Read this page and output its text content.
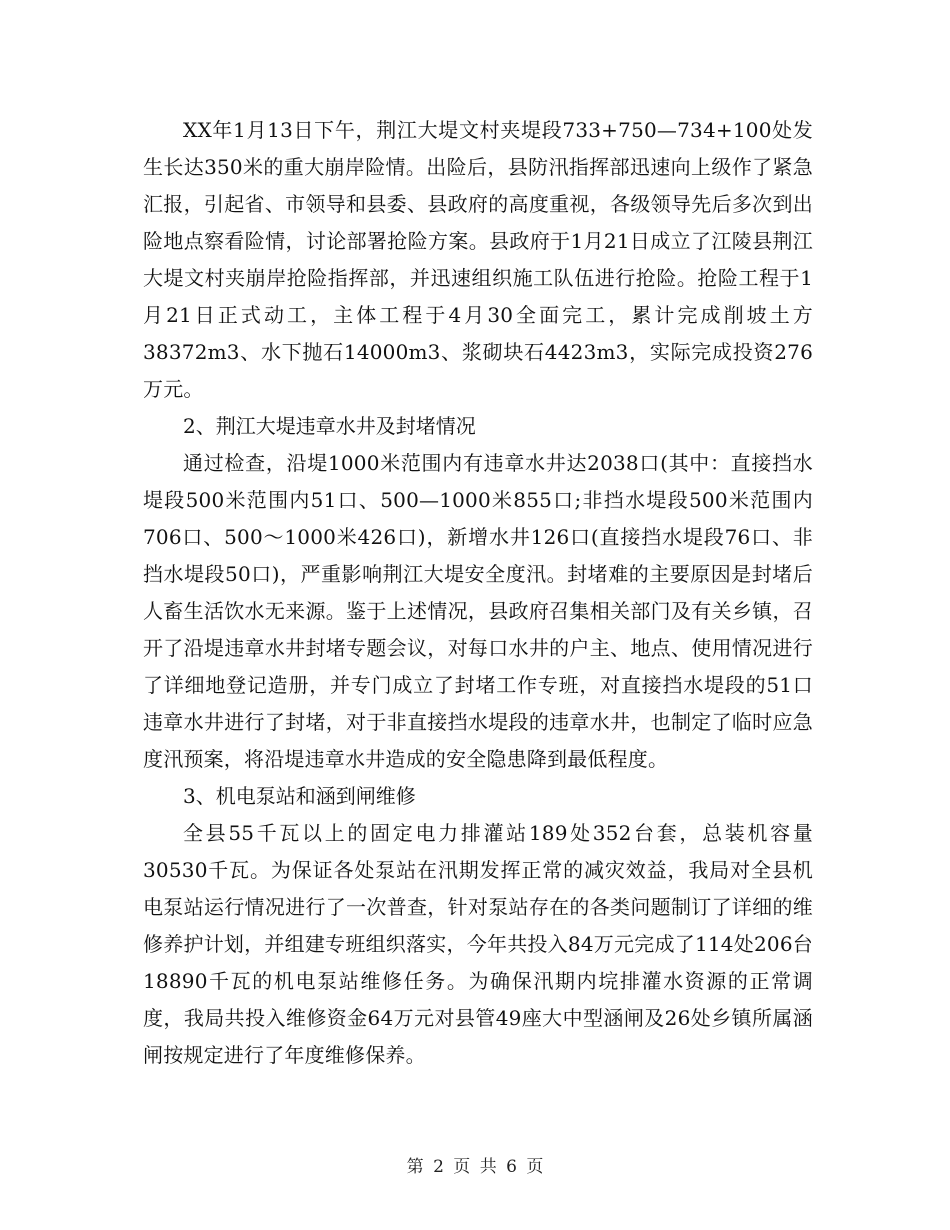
XX年1月13日下午，荆江大堤文村夹堤段733+750—734+100处发生长达350米的重大崩岸险情。出险后，县防汛指挥部迅速向上级作了紧急汇报，引起省、市领导和县委、县政府的高度重视，各级领导先后多次到出险地点察看险情，讨论部署抢险方案。县政府于1月21日成立了江陵县荆江大堤文村夹崩岸抢险指挥部，并迅速组织施工队伍进行抢险。抢险工程于1月21日正式动工，主体工程于4月30全面完工，累计完成削坡土方38372m3、水下抛石14000m3、浆砌块石4423m3，实际完成投资276万元。

2、荆江大堤违章水井及封堵情况

通过检查，沿堤1000米范围内有违章水井达2038口(其中：直接挡水堤段500米范围内51口、500—1000米855口;非挡水堤段500米范围内706口、500～1000米426口)，新增水井126口(直接挡水堤段76口、非挡水堤段50口)，严重影响荆江大堤安全度汛。封堵难的主要原因是封堵后人畜生活饮水无来源。鉴于上述情况，县政府召集相关部门及有关乡镇，召开了沿堤违章水井封堵专题会议，对每口水井的户主、地点、使用情况进行了详细地登记造册，并专门成立了封堵工作专班，对直接挡水堤段的51口违章水井进行了封堵，对于非直接挡水堤段的违章水井，也制定了临时应急度汛预案，将沿堤违章水井造成的安全隐患降到最低程度。

3、机电泵站和涵到闸维修

全县55千瓦以上的固定电力排灌站189处352台套，总装机容量30530千瓦。为保证各处泵站在汛期发挥正常的减灾效益，我局对全县机电泵站运行情况进行了一次普查，针对泵站存在的各类问题制订了详细的维修养护计划，并组建专班组织落实，今年共投入84万元完成了114处206台18890千瓦的机电泵站维修任务。为确保汛期内垸排灌水资源的正常调度，我局共投入维修资金64万元对县管49座大中型涵闸及26处乡镇所属涵闸按规定进行了年度维修保养。

第 2 页 共 6 页
